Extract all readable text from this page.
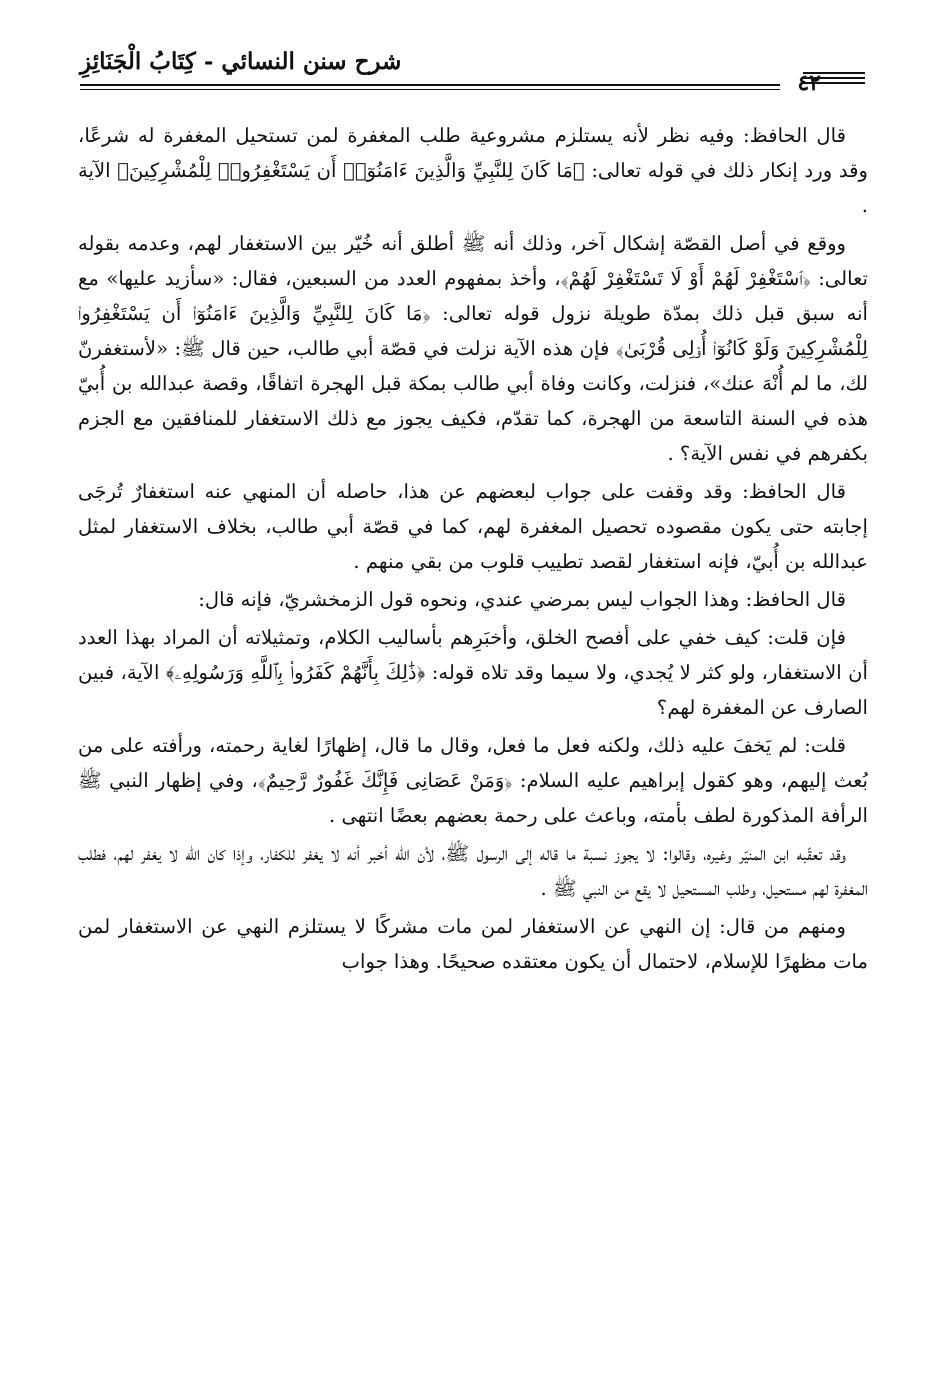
شرح سنن النسائي - كِتَابُ الْجَنَائِزِ
٤٢

قال الحافظ: وفيه نظر لأنه يستلزم مشروعية طلب المغفرة لمن تستحيل المغفرة له شرعًا، وقد ورد إنكار ذلك في قوله تعالى: ﴿مَا كَانَ لِلنَّبِيِّ وَالَّذِينَ ءَامَنُوٓا۟ أَن يَسْتَغْفِرُوا۟ لِلْمُشْرِكِينَ﴾ الآية .

ووقع في أصل القصّة إشكال آخر، وذلك أنه ﷺ أطلق أنه خُيّر بين الاستغفار لهم، وعدمه بقوله تعالى: ﴿ٱسْتَغْفِرْ لَهُمْ أَوْ لَا تَسْتَغْفِرْ لَهُمْ﴾، وأخذ بمفهوم العدد من السبعين، فقال: «سأزيد عليها» مع أنه سبق قبل ذلك بمدّة طويلة نزول قوله تعالى: ﴿مَا كَانَ لِلنَّبِيِّ وَالَّذِينَ ءَامَنُوٓا۟ أَن يَسْتَغْفِرُوا۟ لِلْمُشْرِكِينَ وَلَوْ كَانُوٓا۟ أُو۟لِى قُرْبَىٰ﴾ فإن هذه الآية نزلت في قصّة أبي طالب، حين قال ﷺ: «لأستغفرنّ لك، ما لم أُنْهَ عنك»، فنزلت، وكانت وفاة أبي طالب بمكة قبل الهجرة اتفاقًا، وقصة عبدالله بن أُبيّ هذه في السنة التاسعة من الهجرة، كما تقدّم، فكيف يجوز مع ذلك الاستغفار للمنافقين مع الجزم بكفرهم في نفس الآية؟ .

قال الحافظ: وقد وقفت على جواب لبعضهم عن هذا، حاصله أن المنهي عنه استغفارٌ تُرجَى إجابته حتى يكون مقصوده تحصيل المغفرة لهم، كما في قصّة أبي طالب، بخلاف الاستغفار لمثل عبدالله بن أُبيّ، فإنه استغفار لقصد تطييب قلوب من بقي منهم .

قال الحافظ: وهذا الجواب ليس بمرضي عندي، ونحوه قول الزمخشريّ، فإنه قال:

فإن قلت: كيف خفي على أفصح الخلق، وأخبَرِهم بأساليب الكلام، وتمثيلاته أن المراد بهذا العدد أن الاستغفار، ولو كثر لا يُجدي، ولا سيما وقد تلاه قوله: ﴿ذَٰلِكَ بِأَنَّهُمْ كَفَرُوا۟ بِٱللَّهِ وَرَسُولِهِۦ﴾ الآية، فبين الصارف عن المغفرة لهم؟

قلت: لم يَخفَ عليه ذلك، ولكنه فعل ما فعل، وقال ما قال، إظهارًا لغاية رحمته، ورأفته على من بُعث إليهم، وهو كقول إبراهيم عليه السلام: ﴿وَمَنْ عَصَانِى فَإِنَّكَ غَفُورٌ رَّحِيمٌ﴾، وفي إظهار النبي ﷺ الرأفة المذكورة لطف بأمته، وباعث على رحمة بعضهم بعضًا انتهى .

وقد تعقّبه ابن المنيّر وغيره، وقالوا: لا يجوز نسبة ما قاله إلى الرسول ﷺ، لأن الله أخبر أنه لا يغفر للكفار، وإذا كان الله لا يغفر لهم، فطلب المغفرة لهم مستحيل، وطلب المستحيل لا يقع من النبي ﷺ .

ومنهم من قال: إن النهي عن الاستغفار لمن مات مشركًا لا يستلزم النهي عن الاستغفار لمن مات مظهرًا للإسلام، لاحتمال أن يكون معتقده صحيحًا. وهذا جواب
